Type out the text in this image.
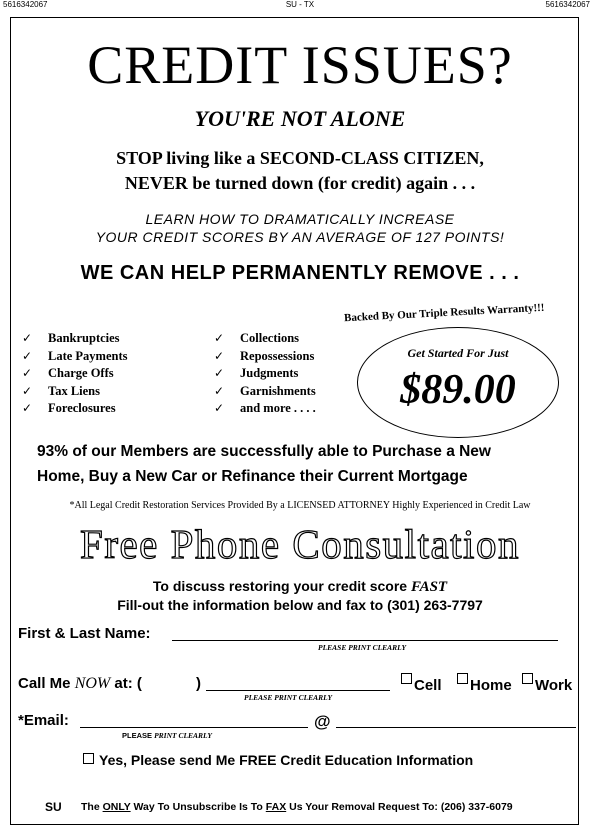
5616342067	SU - TX	5616342067
CREDIT ISSUES?
YOU'RE NOT ALONE
STOP living like a SECOND-CLASS CITIZEN,
NEVER be turned down (for credit) again . . .
LEARN HOW TO DRAMATICALLY INCREASE
YOUR CREDIT SCORES BY AN AVERAGE OF 127 POINTS!
WE CAN HELP PERMANENTLY REMOVE . . .
✓ Bankruptcies
✓ Late Payments
✓ Charge Offs
✓ Tax Liens
✓ Foreclosures
✓ Collections
✓ Repossessions
✓ Judgments
✓ Garnishments
✓ and more . . . .
Backed By Our Triple Results Warranty!!!
Get Started For Just
$89.00
93% of our Members are successfully able to Purchase a New
Home, Buy a New Car or Refinance their Current Mortgage
*All Legal Credit Restoration Services Provided By a LICENSED ATTORNEY Highly Experienced in Credit Law
Free Phone Consultation
To discuss restoring your credit score FAST
Fill-out the information below and fax to (301) 263-7797
First & Last Name:
PLEASE PRINT CLEARLY
Call Me NOW at: (	)
PLEASE PRINT CLEARLY
Cell	Home	Work
*Email:	@
PLEASE PRINT CLEARLY
Yes, Please send Me FREE Credit Education Information
SU The ONLY Way To Unsubscribe Is To FAX Us Your Removal Request To: (206) 337-6079
